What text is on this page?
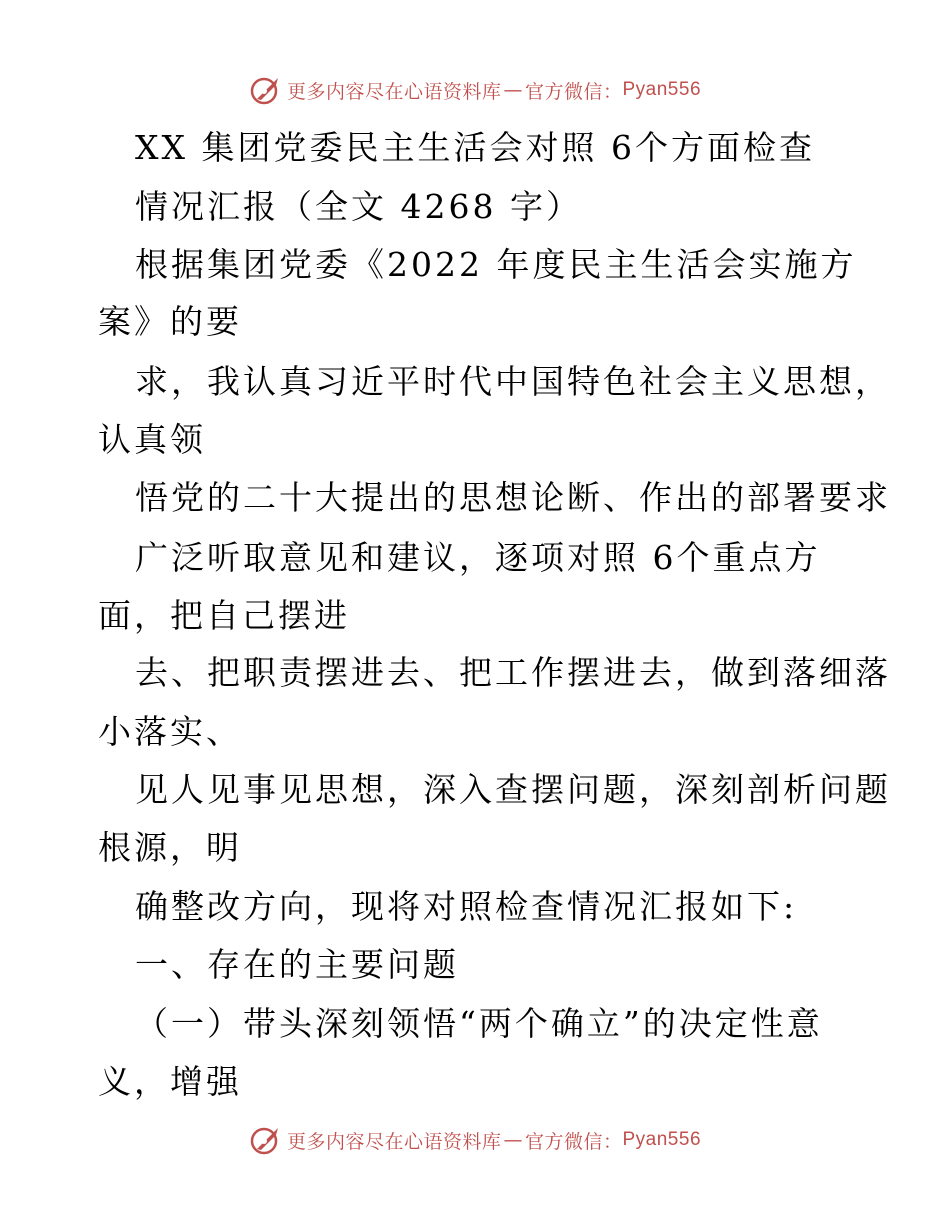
更多内容尽在心语资料库 — 官方微信： Pyan556
XX 集团党委民主生活会对照 6个方面检查
情况汇报（全文 4268 字）
根据集团党委《2022 年度民主生活会实施方
案》的要
求，我认真习近平时代中国特色社会主义思想，
认真领
悟党的二十大提出的思想论断、作出的部署要求
广泛听取意见和建议，逐项对照 6个重点方
面，把自己摆进
去、把职责摆进去、把工作摆进去，做到落细落
小落实、
见人见事见思想，深入查摆问题，深刻剖析问题
根源，明
确整改方向，现将对照检查情况汇报如下:
一、存在的主要问题
（一）带头深刻领悟“两个确立”的决定性意
义，增强
更多内容尽在心语资料库 — 官方微信： Pyan556
